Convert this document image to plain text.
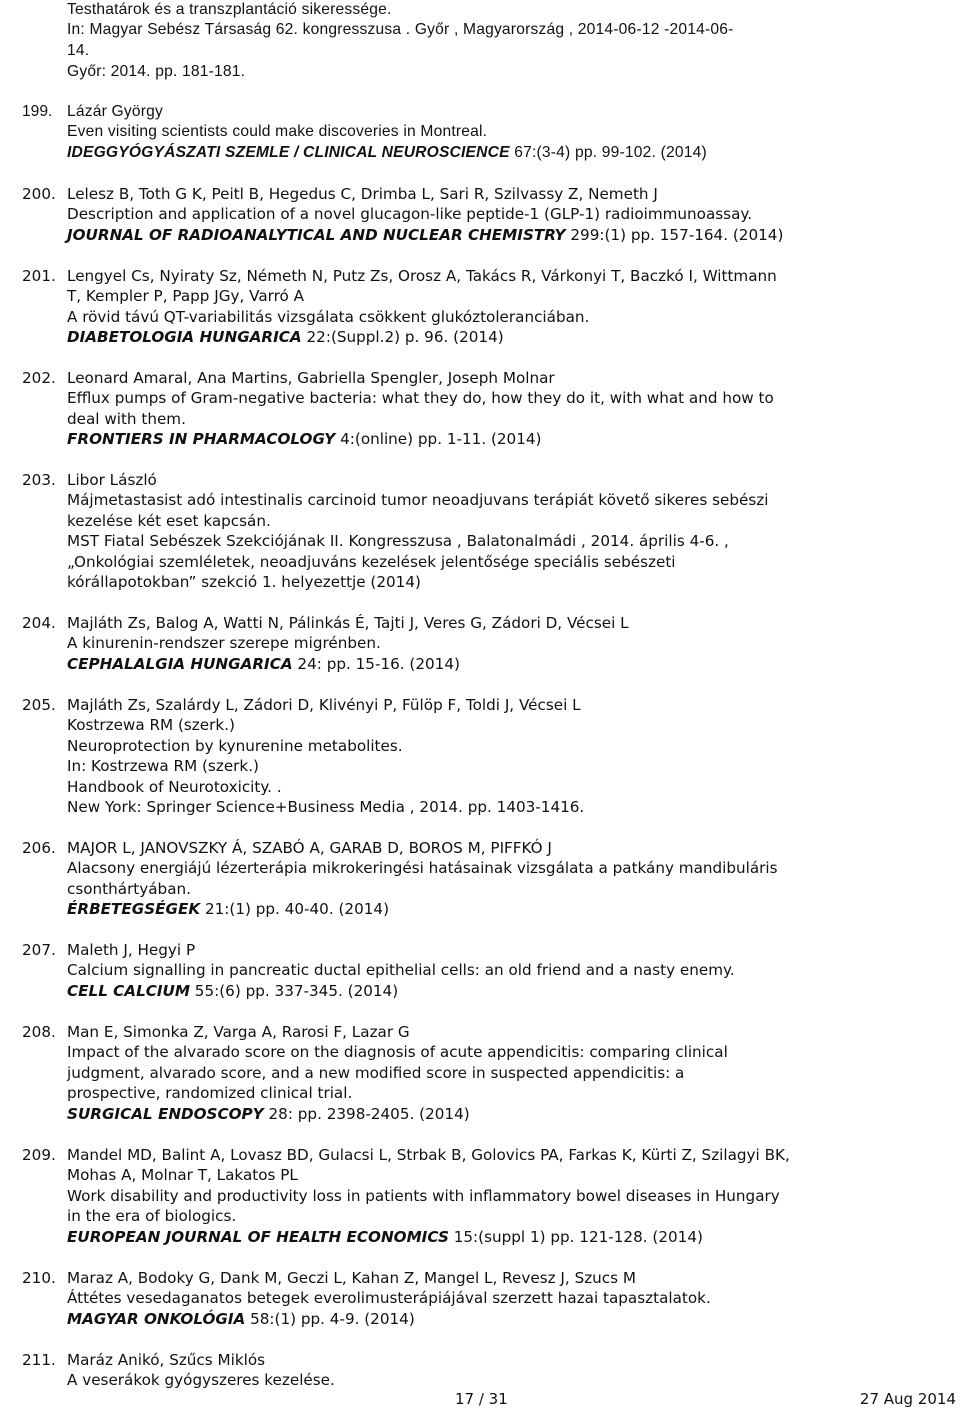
Testhatárok és a transzplantáció sikeressége.
In: Magyar Sebész Társaság 62. kongresszusa . Győr , Magyarország , 2014-06-12 -2014-06-
14.
Győr: 2014. pp. 181-181.
199. Lázár György
Even visiting scientists could make discoveries in Montreal.
IDEGGYÓGYÁSZATI SZEMLE / CLINICAL NEUROSCIENCE 67:(3-4) pp. 99-102. (2014)
200. Lelesz B, Toth G K, Peitl B, Hegedus C, Drimba L, Sari R, Szilvassy Z, Nemeth J
Description and application of a novel glucagon-like peptide-1 (GLP-1) radioimmunoassay.
JOURNAL OF RADIOANALYTICAL AND NUCLEAR CHEMISTRY 299:(1) pp. 157-164. (2014)
201. Lengyel Cs, Nyiraty Sz, Németh N, Putz Zs, Orosz A, Takács R, Várkonyi T, Baczkó I, Wittmann
T, Kempler P, Papp JGy, Varró A
A rövid távú QT-variabilitás vizsgálata csökkent glukóztoleranciában.
DIABETOLOGIA HUNGARICA 22:(Suppl.2) p. 96. (2014)
202. Leonard Amaral, Ana Martins, Gabriella Spengler, Joseph Molnar
Efflux pumps of Gram-negative bacteria: what they do, how they do it, with what and how to
deal with them.
FRONTIERS IN PHARMACOLOGY 4:(online) pp. 1-11. (2014)
203. Libor László
Májmetastasist adó intestinalis carcinoid tumor neoadjuvans terápiát követő sikeres sebészi
kezelése két eset kapcsán.
MST Fiatal Sebészek Szekciójának II. Kongresszusa , Balatonalmádi , 2014. április 4-6. ,
„Onkológiai szemléletek, neoadjuváns kezelések jelentősége speciális sebészeti
kórállapotokban” szekció 1. helyezettje (2014)
204. Majláth Zs, Balog A, Watti N, Pálinkás É, Tajti J, Veres G, Zádori D, Vécsei L
A kinurenin-rendszer szerepe migrénben.
CEPHALALGIA HUNGARICA 24: pp. 15-16. (2014)
205. Majláth Zs, Szalárdy L, Zádori D, Klivényi P, Fülöp F, Toldi J, Vécsei L
Kostrzewa RM (szerk.)
Neuroprotection by kynurenine metabolites.
In: Kostrzewa RM (szerk.)
Handbook of Neurotoxicity. .
New York: Springer Science+Business Media , 2014. pp. 1403-1416.
206. MAJOR L, JANOVSZKY Á, SZABÓ A, GARAB D, BOROS M, PIFFKÓ J
Alacsony energiájú lézerterápia mikrokeringési hatásainak vizsgálata a patkány mandibuláris
csonthártyában.
ÉRBETEGSÉGEK 21:(1) pp. 40-40. (2014)
207. Maleth J, Hegyi P
Calcium signalling in pancreatic ductal epithelial cells: an old friend and a nasty enemy.
CELL CALCIUM 55:(6) pp. 337-345. (2014)
208. Man E, Simonka Z, Varga A, Rarosi F, Lazar G
Impact of the alvarado score on the diagnosis of acute appendicitis: comparing clinical
judgment, alvarado score, and a new modified score in suspected appendicitis: a
prospective, randomized clinical trial.
SURGICAL ENDOSCOPY 28: pp. 2398-2405. (2014)
209. Mandel MD, Balint A, Lovasz BD, Gulacsi L, Strbak B, Golovics PA, Farkas K, Kürti Z, Szilagyi BK,
Mohas A, Molnar T, Lakatos PL
Work disability and productivity loss in patients with inflammatory bowel diseases in Hungary
in the era of biologics.
EUROPEAN JOURNAL OF HEALTH ECONOMICS 15:(suppl 1) pp. 121-128. (2014)
210. Maraz A, Bodoky G, Dank M, Geczi L, Kahan Z, Mangel L, Revesz J, Szucs M
Áttétes vesedaganatos betegek everolimusterápiájával szerzett hazai tapasztalatok.
MAGYAR ONKOLÓGIA 58:(1) pp. 4-9. (2014)
211. Maráz Anikó, Szűcs Miklós
A veserákok gyógyszeres kezelése.
17 / 31	27 Aug 2014
